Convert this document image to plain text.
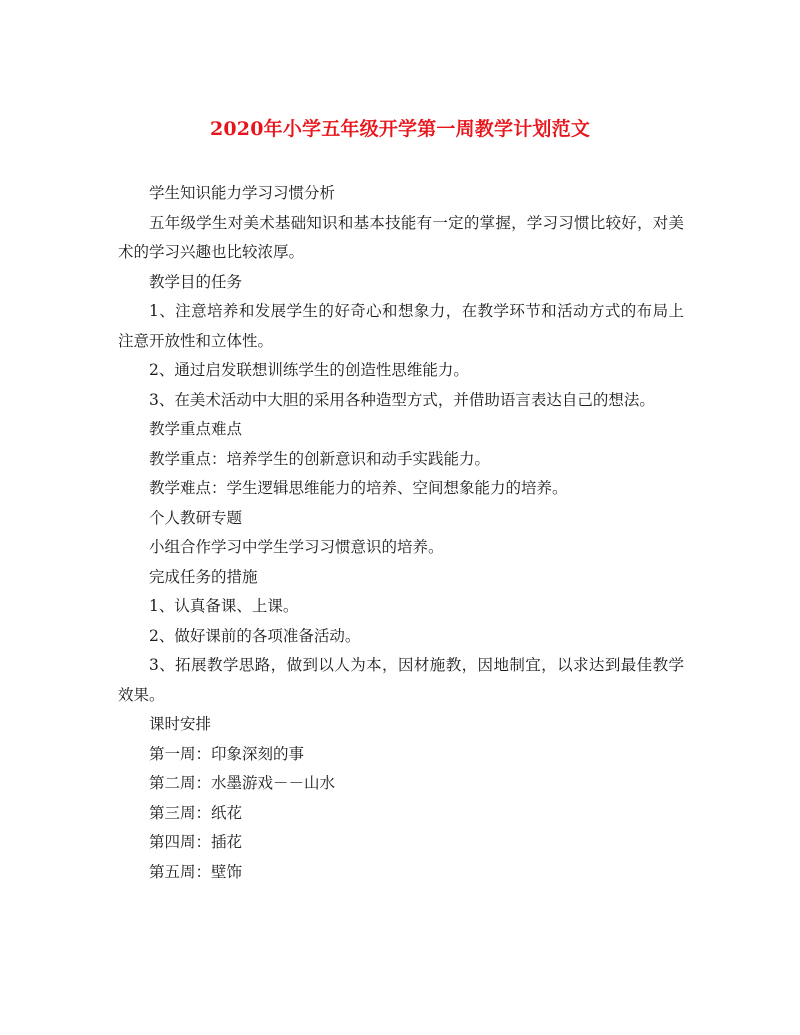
2020年小学五年级开学第一周教学计划范文

学生知识能力学习习惯分析

五年级学生对美术基础知识和基本技能有一定的掌握，学习习惯比较好，对美术的学习兴趣也比较浓厚。

教学目的任务

1、注意培养和发展学生的好奇心和想象力，在教学环节和活动方式的布局上注意开放性和立体性。

2、通过启发联想训练学生的创造性思维能力。

3、在美术活动中大胆的采用各种造型方式，并借助语言表达自己的想法。

教学重点难点

教学重点：培养学生的创新意识和动手实践能力。

教学难点：学生逻辑思维能力的培养、空间想象能力的培养。

个人教研专题

小组合作学习中学生学习习惯意识的培养。

完成任务的措施

1、认真备课、上课。

2、做好课前的各项准备活动。

3、拓展教学思路，做到以人为本，因材施教，因地制宜，以求达到最佳教学效果。

课时安排

第一周：印象深刻的事

第二周：水墨游戏－－山水

第三周：纸花

第四周：插花

第五周：壁饰
